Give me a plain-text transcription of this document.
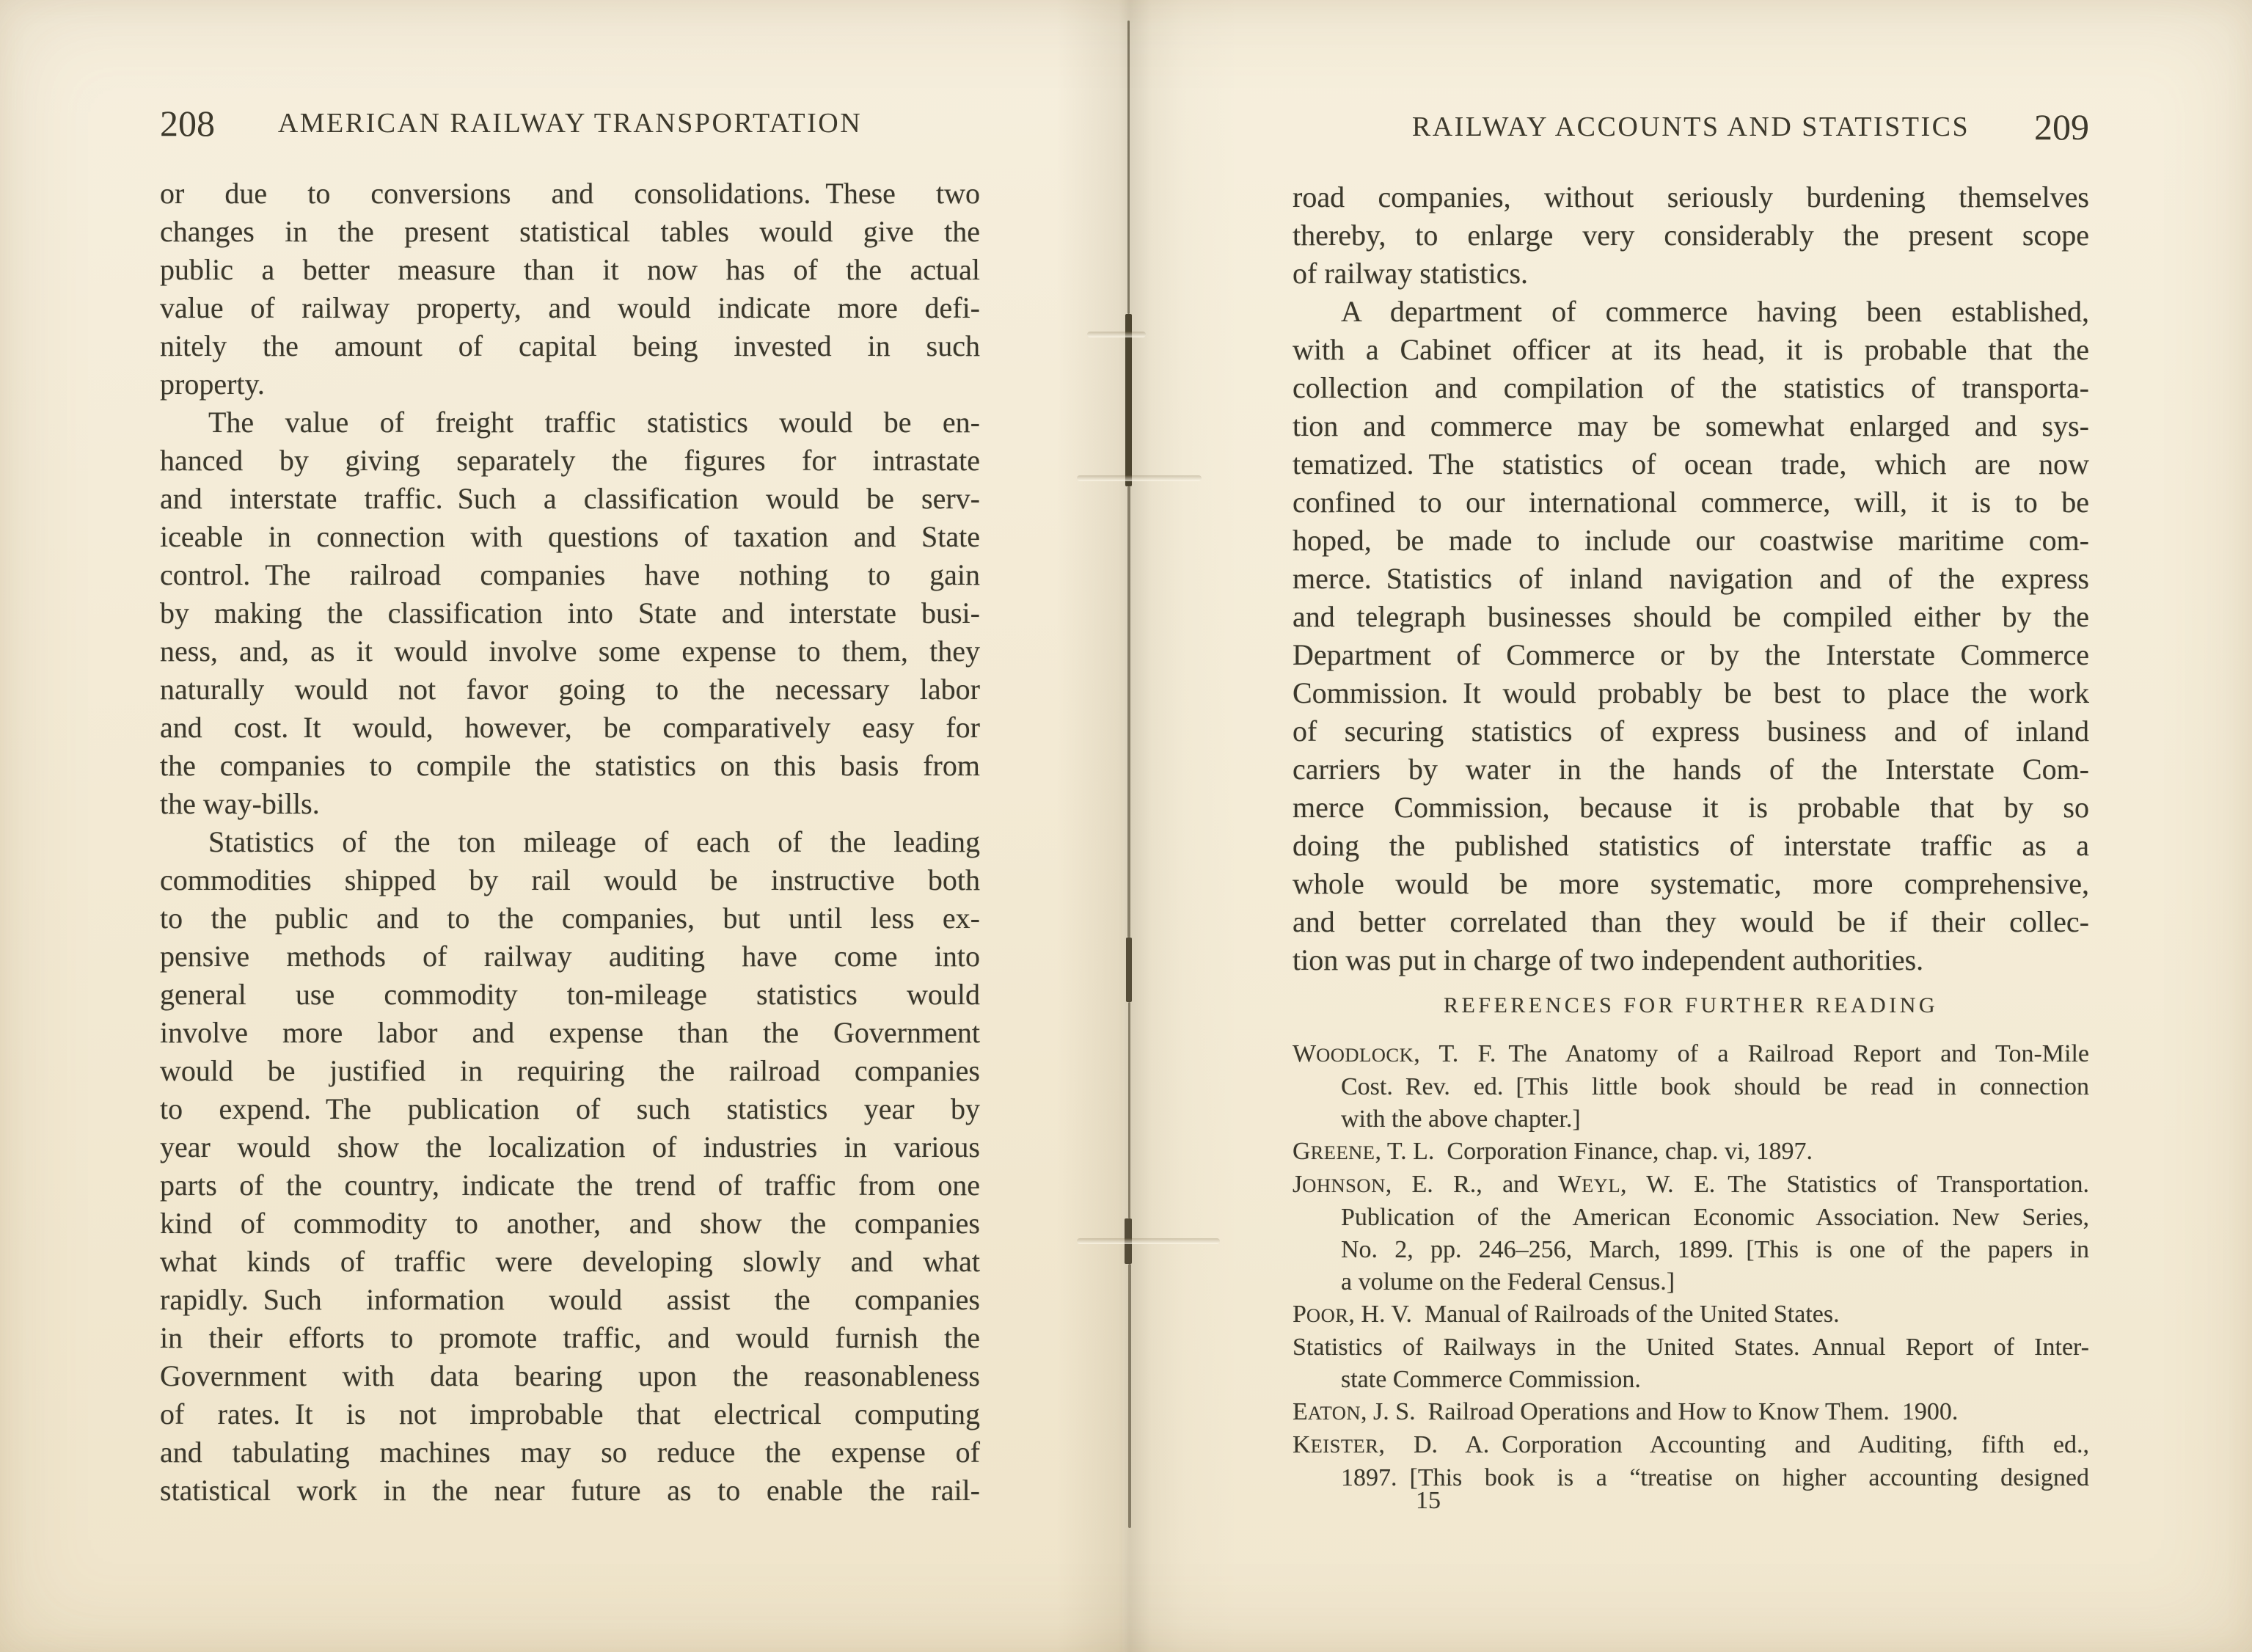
208	AMERICAN RAILWAY TRANSPORTATION
or due to conversions and consolidations. These two
changes in the present statistical tables would give the
public a better measure than it now has of the actual
value of railway property, and would indicate more defi-
nitely the amount of capital being invested in such
property.
The value of freight traffic statistics would be en-
hanced by giving separately the figures for intrastate
and interstate traffic. Such a classification would be serv-
iceable in connection with questions of taxation and State
control. The railroad companies have nothing to gain
by making the classification into State and interstate busi-
ness, and, as it would involve some expense to them, they
naturally would not favor going to the necessary labor
and cost. It would, however, be comparatively easy for
the companies to compile the statistics on this basis from
the way-bills.
Statistics of the ton mileage of each of the leading
commodities shipped by rail would be instructive both
to the public and to the companies, but until less ex-
pensive methods of railway auditing have come into
general use commodity ton-mileage statistics would
involve more labor and expense than the Government
would be justified in requiring the railroad companies
to expend. The publication of such statistics year by
year would show the localization of industries in various
parts of the country, indicate the trend of traffic from one
kind of commodity to another, and show the companies
what kinds of traffic were developing slowly and what
rapidly. Such information would assist the companies
in their efforts to promote traffic, and would furnish the
Government with data bearing upon the reasonableness
of rates. It is not improbable that electrical computing
and tabulating machines may so reduce the expense of
statistical work in the near future as to enable the rail-
RAILWAY ACCOUNTS AND STATISTICS	209
road companies, without seriously burdening themselves
thereby, to enlarge very considerably the present scope
of railway statistics.
A department of commerce having been established,
with a Cabinet officer at its head, it is probable that the
collection and compilation of the statistics of transporta-
tion and commerce may be somewhat enlarged and sys-
tematized. The statistics of ocean trade, which are now
confined to our international commerce, will, it is to be
hoped, be made to include our coastwise maritime com-
merce. Statistics of inland navigation and of the express
and telegraph businesses should be compiled either by the
Department of Commerce or by the Interstate Commerce
Commission. It would probably be best to place the work
of securing statistics of express business and of inland
carriers by water in the hands of the Interstate Com-
merce Commission, because it is probable that by so
doing the published statistics of interstate traffic as a
whole would be more systematic, more comprehensive,
and better correlated than they would be if their collec-
tion was put in charge of two independent authorities.
REFERENCES FOR FURTHER READING
WOODLOCK, T. F. The Anatomy of a Railroad Report and Ton-Mile
Cost. Rev. ed. [This little book should be read in connection
with the above chapter.]
GREENE, T. L. Corporation Finance, chap. vi, 1897.
JOHNSON, E. R., and WEYL, W. E. The Statistics of Transportation.
Publication of the American Economic Association. New Series,
No. 2, pp. 246–256, March, 1899. [This is one of the papers in
a volume on the Federal Census.]
POOR, H. V. Manual of Railroads of the United States.
Statistics of Railways in the United States. Annual Report of Inter-
state Commerce Commission.
EATON, J. S. Railroad Operations and How to Know Them. 1900.
KEISTER, D. A. Corporation Accounting and Auditing, fifth ed.,
1897. [This book is a “treatise on higher accounting designed
15
